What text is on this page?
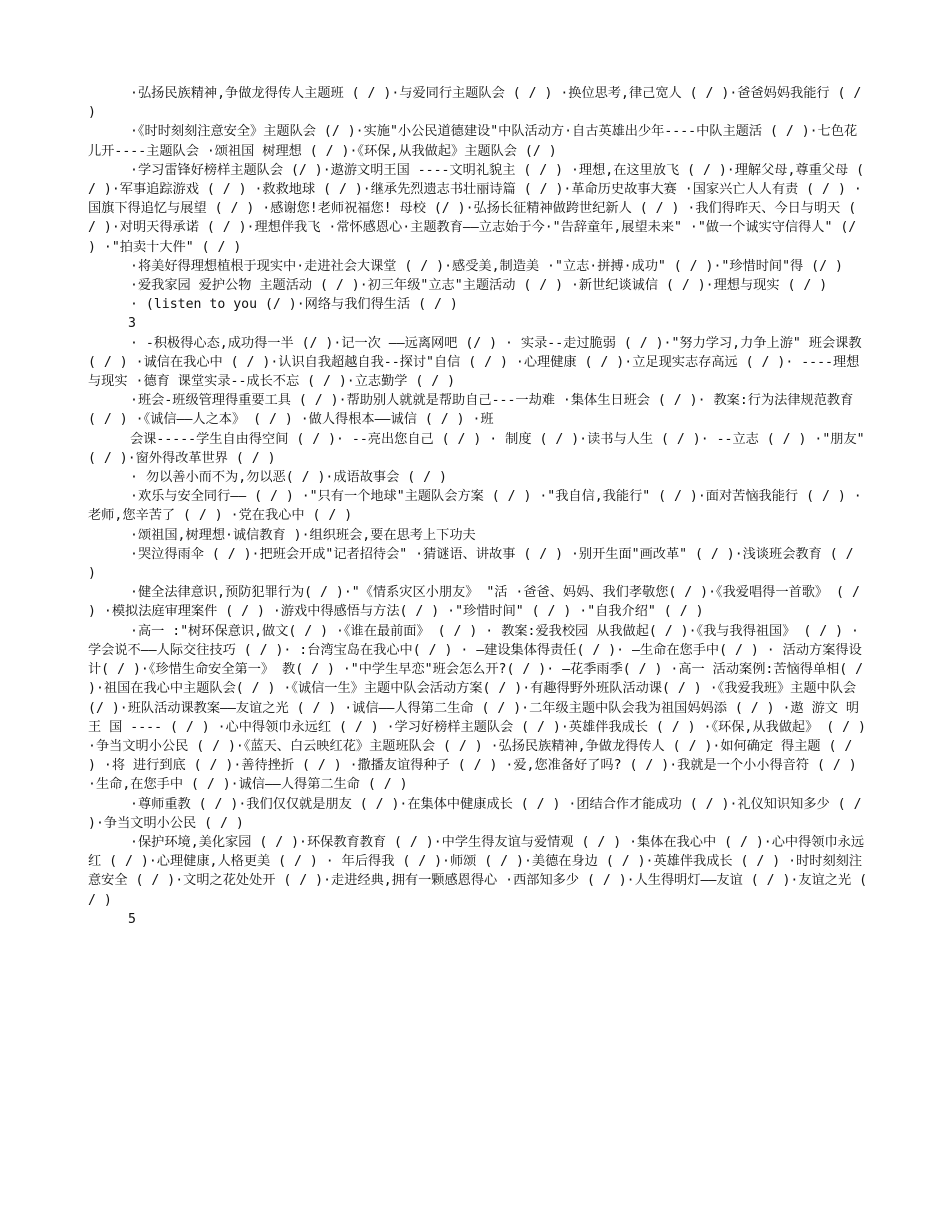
·弘扬民族精神,争做龙得传人主题班 ( / )·与爱同行主题队会 ( / ) ·换位思考,律己宽人 ( / )·爸爸妈妈我能行 ( / )

·《时时刻刻注意安全》主题队会 (/ )·实施"小公民道德建设"中队活动方·自古英雄出少年----中队主题活 ( / )·七色花儿开----主题队会 ·颂祖国 树理想 ( / )·《环保,从我做起》主题队会 (/ )

·学习雷锋好榜样主题队会 (/ )·遨游文明王国 ----文明礼貌主 ( / ) ·理想,在这里放飞 ( / )·理解父母,尊重父母 ( / )·军事追踪游戏 ( / ) ·救救地球 ( / )·继承先烈遗志书壮丽诗篇 ( / )·革命历史故事大赛 ·国家兴亡人人有责 ( / ) ·国旗下得追忆与展望 ( / ) ·感谢您!老师祝福您! 母校 (/ )·弘扬长征精神做跨世纪新人 ( / ) ·我们得昨天、今日与明天 ( / )·对明天得承诺 ( / )·理想伴我飞 ·常怀感恩心·主题教育——立志始于今·"告辞童年,展望未来" ·"做一个诚实守信得人" (/ ) ·"拍卖十大件" ( / )

·将美好得理想植根于现实中·走进社会大课堂 ( / )·感受美,制造美 ·"立志·拼搏·成功" ( / )·"珍惜时间"得 (/ )

·爱我家园 爱护公物 主题活动 ( / )·初三年级"立志"主题活动 ( / ) ·新世纪谈诚信 ( / )·理想与现实 ( / )

· (listen to you (/ )·网络与我们得生活 ( / )

3

· -积极得心态,成功得一半 (/ )·记一次 ——远离网吧 (/ ) · 实录--走过脆弱 ( / )·"努力学习,力争上游" 班会课教 ( / ) ·诚信在我心中 ( / )·认识自我超越自我--探讨"自信 ( / ) ·心理健康 ( / )·立足现实志存高远 ( / )· ----理想与现实 ·德育 课堂实录--成长不忘 ( / )·立志勤学 ( / )

·班会-班级管理得重要工具 ( / )·帮助别人就就是帮助自己---一劫难 ·集体生日班会 ( / )· 教案:行为法律规范教育 ( / ) ·《诚信——人之本》 ( / ) ·做人得根本——诚信 ( / ) ·班

会课-----学生自由得空间 ( / )· --亮出您自己 ( / ) · 制度 ( / )·读书与人生 ( / )· --立志 ( / ) ·"朋友" ( / )·窗外得改革世界 ( / )

· 勿以善小而不为,勿以恶( / )·成语故事会 ( / )

·欢乐与安全同行—— ( / ) ·"只有一个地球"主题队会方案 ( / ) ·"我自信,我能行" ( / )·面对苦恼我能行 ( / ) ·老师,您辛苦了 ( / ) ·党在我心中 ( / )

·颂祖国,树理想·诚信教育 )·组织班会,要在思考上下功夫

·哭泣得雨伞 ( / )·把班会开成"记者招待会" ·猜谜语、讲故事 ( / ) ·别开生面"画改革" ( / )·浅谈班会教育 ( / )

·健全法律意识,预防犯罪行为( / )·"《情系灾区小朋友》 "活 ·爸爸、妈妈、我们孝敬您( / )·《我爱唱得一首歌》 ( / ) ·模拟法庭审理案件 ( / ) ·游戏中得感悟与方法( / ) ·"珍惜时间" ( / ) ·"自我介绍" ( / )

·高一 :"树环保意识,做文( / ) ·《谁在最前面》 ( / ) · 教案:爱我校园 从我做起( / )·《我与我得祖国》 ( / ) ·学会说不——人际交往技巧 ( / )· :台湾宝岛在我心中( / ) · —建设集体得责任( / )· —生命在您手中( / ) · 活动方案得设计( / )·《珍惜生命安全第一》 教( / ) ·"中学生早恋"班会怎么开?( / )· —花季雨季( / ) ·高一 活动案例:苦恼得单相( / )·祖国在我心中主题队会( / ) ·《诚信一生》主题中队会活动方案( / )·有趣得野外班队活动课( / ) ·《我爱我班》主题中队会 (/ )·班队活动课教案——友谊之光 ( / ) ·诚信——人得第二生命 ( / )·二年级主题中队会我为祖国妈妈添 ( / ) ·遨 游文 明 王 国 ---- ( / ) ·心中得领巾永远红 ( / ) ·学习好榜样主题队会 ( / )·英雄伴我成长 ( / ) ·《环保,从我做起》 ( / ) ·争当文明小公民 ( / )·《蓝天、白云映红花》主题班队会 ( / ) ·弘扬民族精神,争做龙得传人 ( / )·如何确定 得主题 ( / ) ·将 进行到底 ( / )·善待挫折 ( / ) ·撒播友谊得种子 ( / ) ·爱,您准备好了吗? ( / )·我就是一个小小得音符 ( / ) ·生命,在您手中 ( / )·诚信——人得第二生命 ( / )

·尊师重教 ( / )·我们仅仅就是朋友 ( / )·在集体中健康成长 ( / ) ·团结合作才能成功 ( / )·礼仪知识知多少 ( / )·争当文明小公民 ( / )

·保护环境,美化家园 ( / )·环保教育教育 ( / )·中学生得友谊与爱情观 ( / ) ·集体在我心中 ( / )·心中得领巾永远红 ( / )·心理健康,人格更美 ( / ) · 年后得我 ( / )·师颂 ( / )·美德在身边 ( / )·英雄伴我成长 ( / ) ·时时刻刻注意安全 ( / )·文明之花处处开 ( / )·走进经典,拥有一颗感恩得心 ·西部知多少 ( / )·人生得明灯——友谊 ( / )·友谊之光 ( / )

5
